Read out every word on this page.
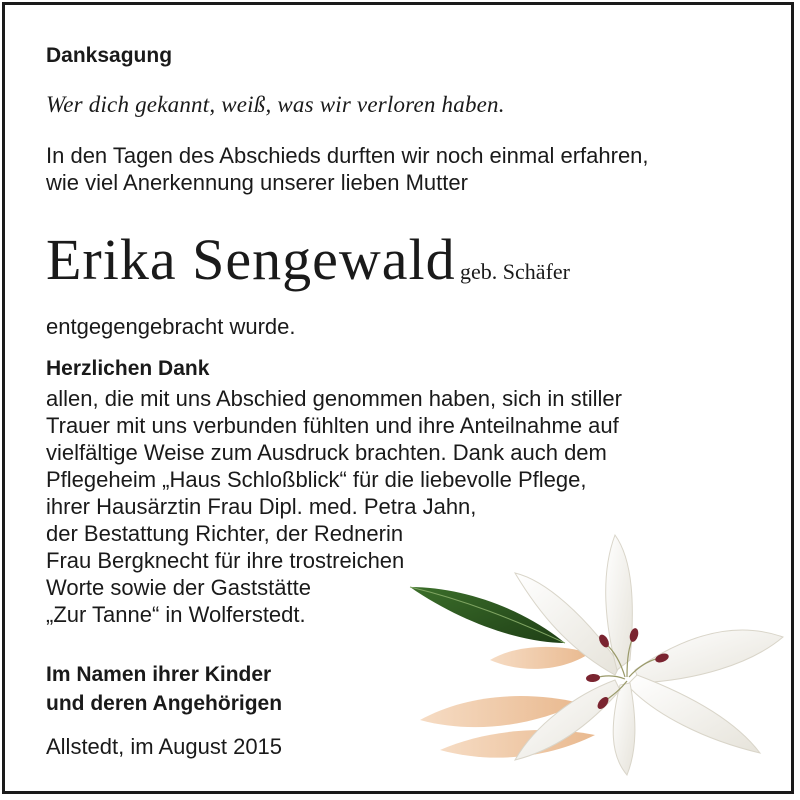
Danksagung
Wer dich gekannt, weiß, was wir verloren haben.
In den Tagen des Abschieds durften wir noch einmal erfahren,
wie viel Anerkennung unserer lieben Mutter
Erika Sengewald geb. Schäfer
entgegengebracht wurde.
Herzlichen Dank
allen, die mit uns Abschied genommen haben, sich in stiller
Trauer mit uns verbunden fühlten und ihre Anteilnahme auf
vielfältige Weise zum Ausdruck brachten. Dank auch dem
Pflegeheim „Haus Schloßblick“ für die liebevolle Pflege,
ihrer Hausärztin Frau Dipl. med. Petra Jahn,
der Bestattung Richter, der Rednerin
Frau Bergknecht für ihre trostreichen
Worte sowie der Gaststätte
„Zur Tanne“ in Wolferstedt.
Im Namen ihrer Kinder
und deren Angehörigen
Allstedt, im August 2015
